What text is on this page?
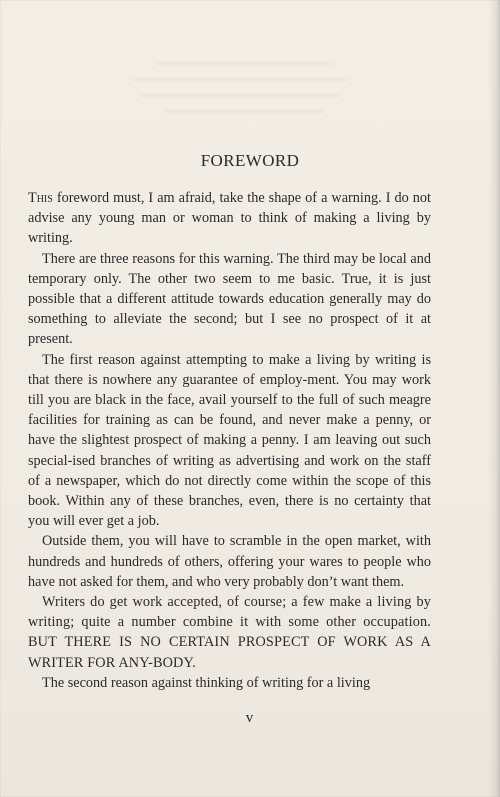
FOREWORD

This foreword must, I am afraid, take the shape of a warning. I do not advise any young man or woman to think of making a living by writing.

There are three reasons for this warning. The third may be local and temporary only. The other two seem to me basic. True, it is just possible that a different attitude towards education generally may do something to alleviate the second; but I see no prospect of it at present.

The first reason against attempting to make a living by writing is that there is nowhere any guarantee of employ-ment. You may work till you are black in the face, avail yourself to the full of such meagre facilities for training as can be found, and never make a penny, or have the slightest prospect of making a penny. I am leaving out such special-ised branches of writing as advertising and work on the staff of a newspaper, which do not directly come within the scope of this book. Within any of these branches, even, there is no certainty that you will ever get a job.

Outside them, you will have to scramble in the open market, with hundreds and hundreds of others, offering your wares to people who have not asked for them, and who very probably don’t want them.

Writers do get work accepted, of course; a few make a living by writing; quite a number combine it with some other occupation. BUT THERE IS NO CERTAIN PROSPECT OF WORK AS A WRITER FOR ANY-BODY.

The second reason against thinking of writing for a living

v
